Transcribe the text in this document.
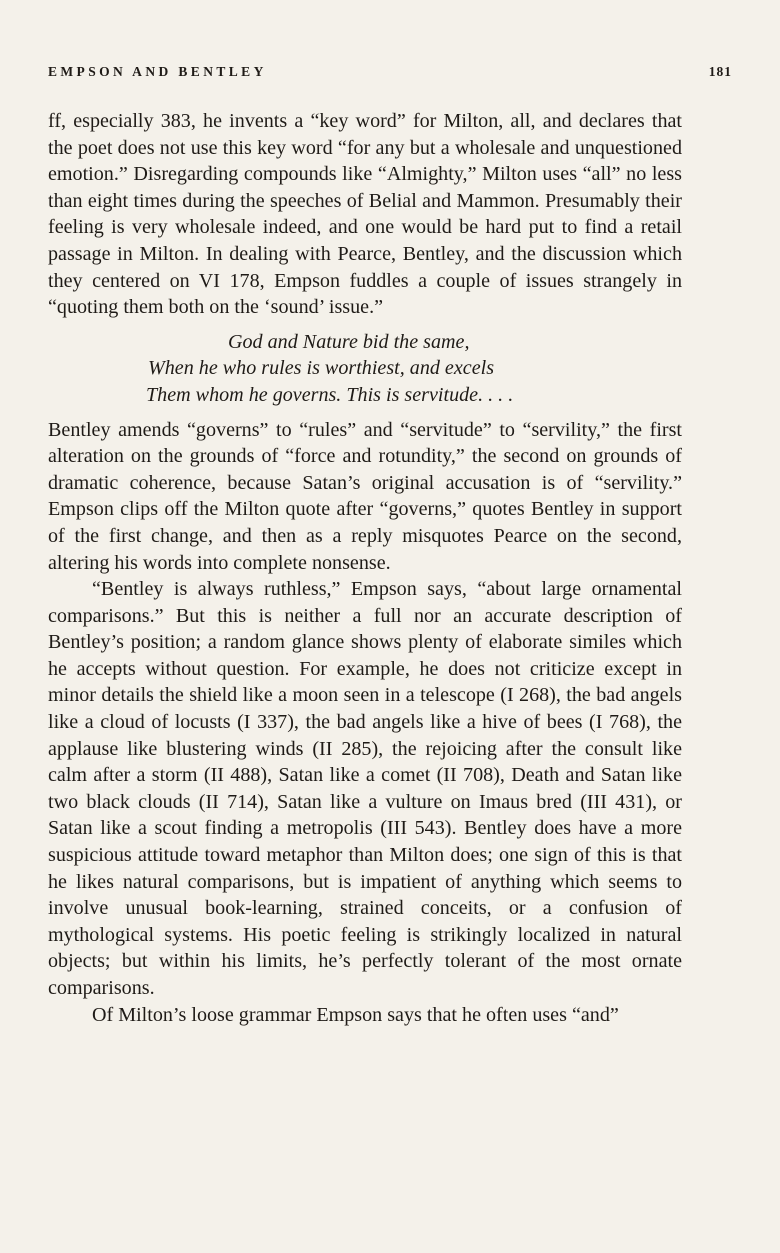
EMPSON AND BENTLEY	181

ff, especially 383, he invents a “key word” for Milton, all, and declares that the poet does not use this key word “for any but a wholesale and unquestioned emotion.” Disregarding compounds like “Almighty,” Milton uses “all” no less than eight times during the speeches of Belial and Mammon. Presumably their feeling is very wholesale indeed, and one would be hard put to find a retail passage in Milton. In dealing with Pearce, Bentley, and the discussion which they centered on VI 178, Empson fuddles a couple of issues strangely in “quoting them both on the ‘sound’ issue.”

God and Nature bid the same,
When he who rules is worthiest, and excels
Them whom he governs. This is servitude. . . .

Bentley amends “governs” to “rules” and “servitude” to “servility,” the first alteration on the grounds of “force and rotundity,” the second on grounds of dramatic coherence, because Satan’s original accusation is of “servility.” Empson clips off the Milton quote after “governs,” quotes Bentley in support of the first change, and then as a reply misquotes Pearce on the second, altering his words into complete nonsense.

“Bentley is always ruthless,” Empson says, “about large ornamental comparisons.” But this is neither a full nor an accurate description of Bentley’s position; a random glance shows plenty of elaborate similes which he accepts without question. For example, he does not criticize except in minor details the shield like a moon seen in a telescope (I 268), the bad angels like a cloud of locusts (I 337), the bad angels like a hive of bees (I 768), the applause like blustering winds (II 285), the rejoicing after the consult like calm after a storm (II 488), Satan like a comet (II 708), Death and Satan like two black clouds (II 714), Satan like a vulture on Imaus bred (III 431), or Satan like a scout finding a metropolis (III 543). Bentley does have a more suspicious attitude toward metaphor than Milton does; one sign of this is that he likes natural comparisons, but is impatient of anything which seems to involve unusual book-learning, strained conceits, or a confusion of mythological systems. His poetic feeling is strikingly localized in natural objects; but within his limits, he’s perfectly tolerant of the most ornate comparisons.

Of Milton’s loose grammar Empson says that he often uses “and”
